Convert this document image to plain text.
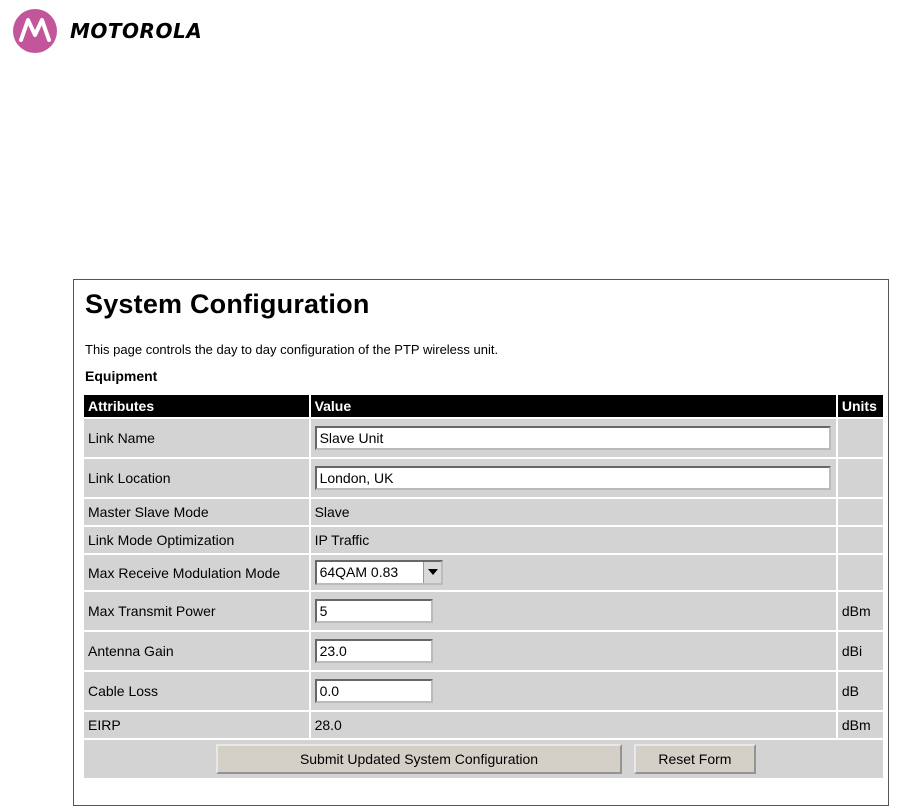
MOTOROLA
System Configuration
This page controls the day to day configuration of the PTP wireless unit.
Equipment
Attributes	Value	Units
Link Name	Slave Unit	
Link Location	London, UK	
Master Slave Mode	Slave	
Link Mode Optimization	IP Traffic	
Max Receive Modulation Mode	64QAM 0.83

Max Transmit Power	5	dBm
Antenna Gain	23.0	dBi
Cable Loss	0.0	dB
EIRP	28.0	dBm
Submit Updated System Configuration Reset Form		
